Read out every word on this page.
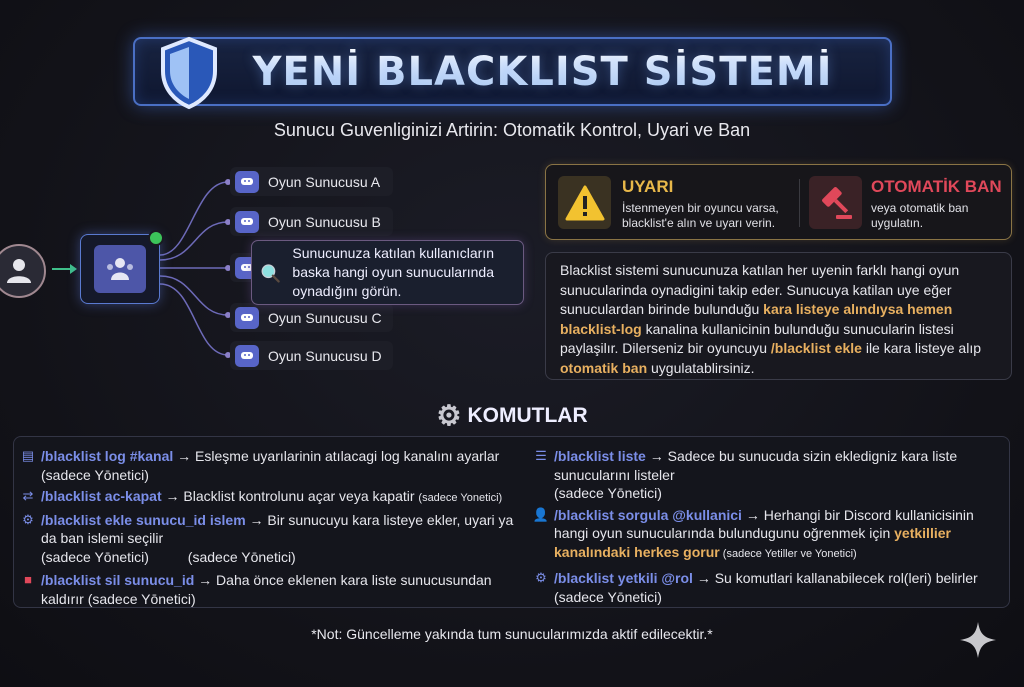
YENİ BLACKLIST SİSTEMİ
Sunucu Guvenliginizi Artirin: Otomatik Kontrol, Uyari ve Ban
Oyun Sunucusu A
Oyun Sunucusu B
Oyun Sunucusu C
Oyun Sunucusu D
Sunucunuza katılan kullanıcların baska hangi oyun sunucularında oynadığını görün.
UYARI
İstenmeyen bir oyuncu varsa, blacklist'e alın ve uyarı verin.
OTOMATİK BAN
veya otomatik ban uygulatın.
Blacklist sistemi sunucunuza katılan her uyenin farklı hangi oyun sunucularinda oynadigini takip eder. Sunucuya katilan uye eğer sunuculardan birinde bulunduğu kara listeye alındıysa hemen blacklist-log kanalina kullanicinin bulunduğu sunucularin listesi paylaşilır. Dilerseniz bir oyuncuyu /blacklist ekle ile kara listeye alıp otomatik ban uygulatablirsiniz.
⚙ KOMUTLAR
▤ /blacklist log #kanal → Esleşme uyarılarinin atılacagi log kanalını ayarlar
(sadece Yōnetici)
⇄ /blacklist ac-kapat → Blacklist kontrolunu açar veya kapatir (sadece Yonetici)
⚙ /blacklist ekle sunucu_id islem → Bir sunucuyu kara listeye ekler, uyari ya da ban islemi seçilir
(sadece Yōnetici)          (sadece Yōnetici)
■ /blacklist sil sunucu_id → Daha önce eklenen kara liste sunucusundan kaldırır (sadece Yōnetici)
☰ /blacklist liste → Sadece bu sunucuda sizin ekledigniz kara liste sunucularını listeler
(sadece Yōnetici)
👤 /blacklist sorgula @kullanici → Herhangi bir Discord kullanicisinin hangi oyun sunucularında bulundugunu oğrenmek için yetkillier kanalındaki herkes gorur (sadece Yetiller ve Yonetici)
⚙ /blacklist yetkili @rol → Su komutlari kallanabilecek rol(leri) belirler
(sadece Yōnetici)
*Not: Güncelleme yakında tum sunucularımızda aktif edilecektir.*
